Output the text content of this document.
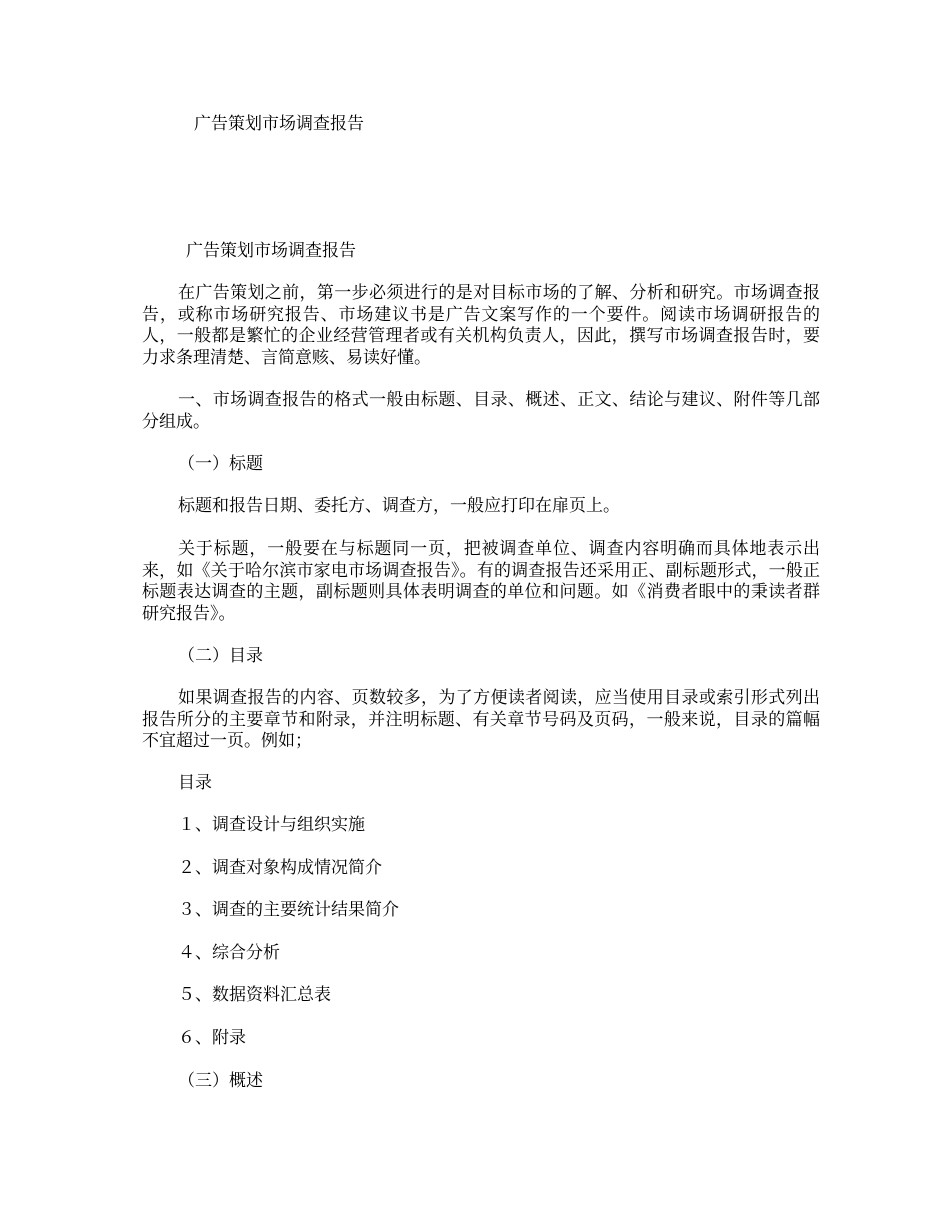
广告策划市场调查报告
广告策划市场调查报告
在广告策划之前，第一步必须进行的是对目标市场的了解、分析和研究。市场调查报告，或称市场研究报告、市场建议书是广告文案写作的一个要件。阅读市场调研报告的人，一般都是繁忙的企业经营管理者或有关机构负责人，因此，撰写市场调查报告时，要力求条理清楚、言简意赅、易读好懂。
一、市场调查报告的格式一般由标题、目录、概述、正文、结论与建议、附件等几部分组成。
（一）标题
标题和报告日期、委托方、调查方，一般应打印在扉页上。
关于标题，一般要在与标题同一页，把被调查单位、调查内容明确而具体地表示出来，如《关于哈尔滨市家电市场调查报告》。有的调查报告还采用正、副标题形式，一般正标题表达调查的主题，副标题则具体表明调查的单位和问题。如《消费者眼中的秉读者群研究报告》。
（二）目录
如果调查报告的内容、页数较多，为了方便读者阅读，应当使用目录或索引形式列出报告所分的主要章节和附录，并注明标题、有关章节号码及页码，一般来说，目录的篇幅不宜超过一页。例如；
目录
１、调查设计与组织实施
２、调查对象构成情况简介
３、调查的主要统计结果简介
４、综合分析
５、数据资料汇总表
６、附录
（三）概述
